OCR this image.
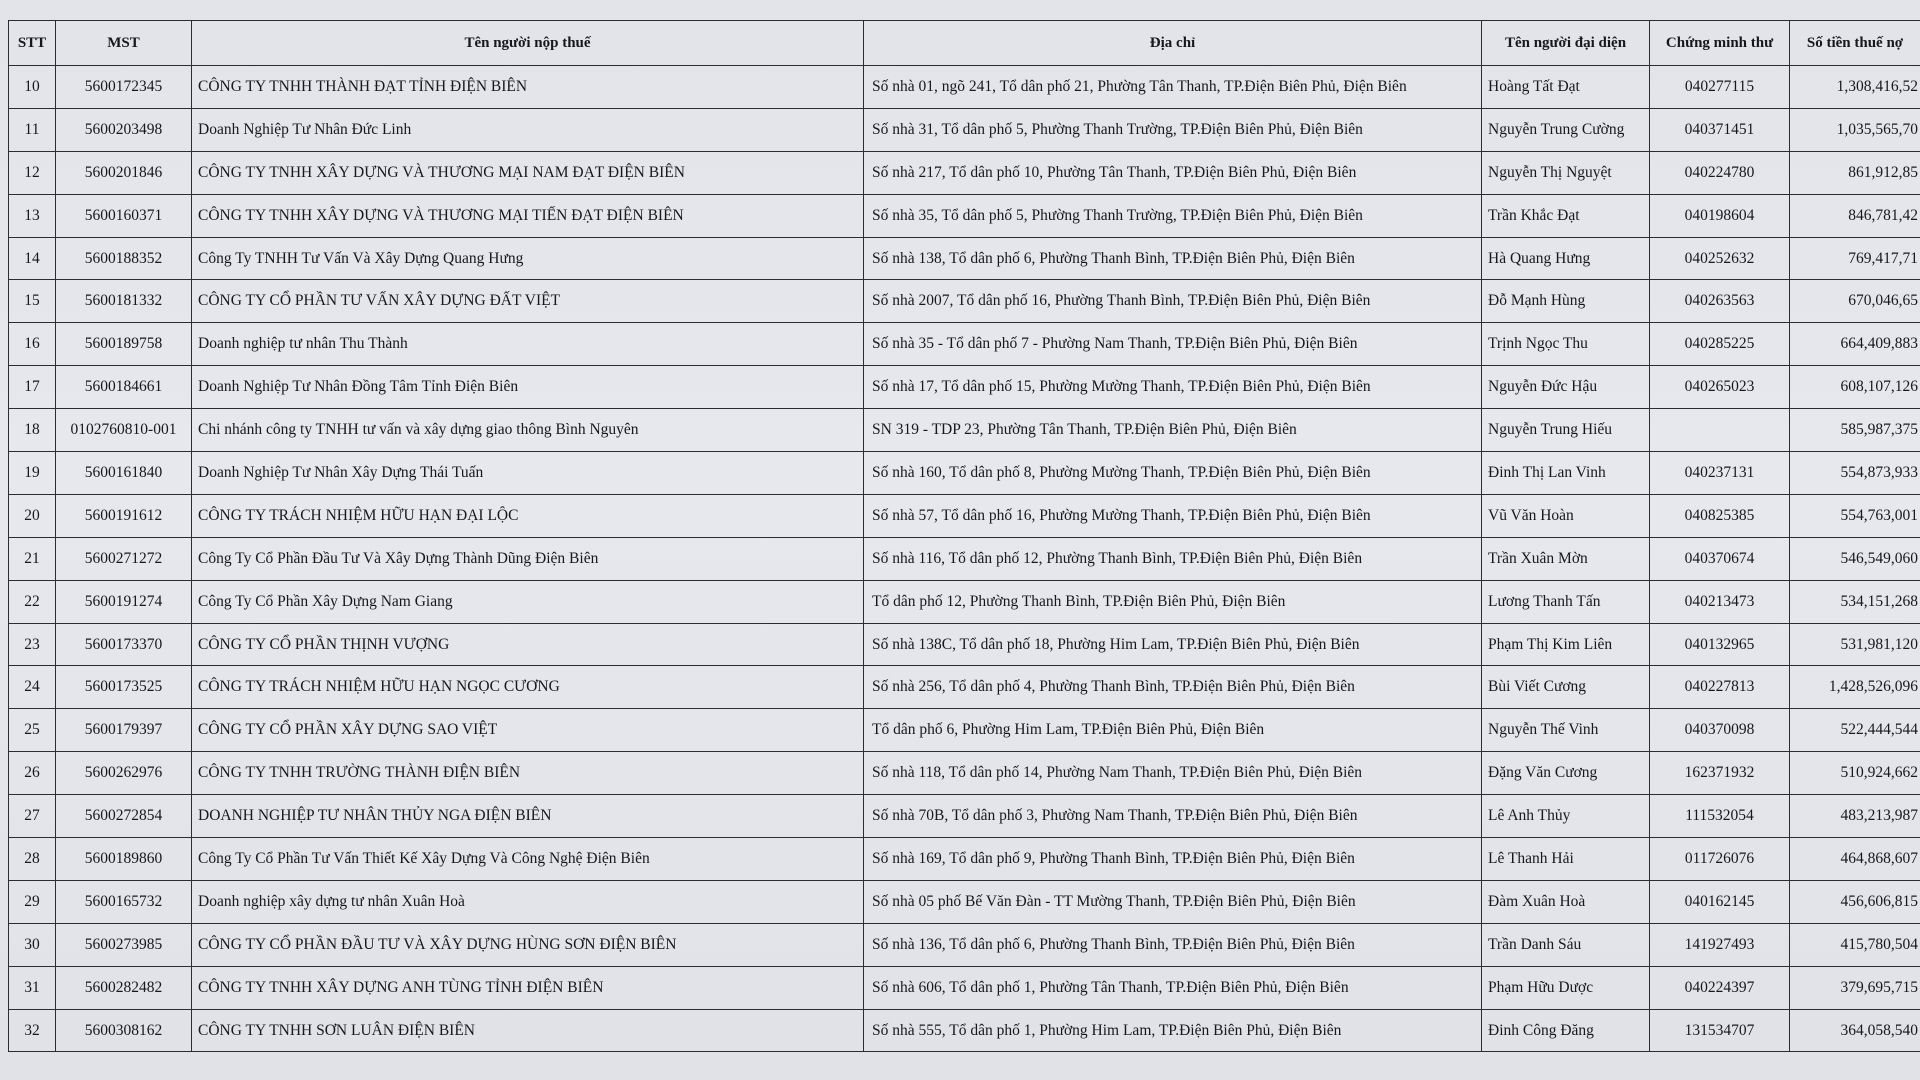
STT	MST	Tên người nộp thuế	Địa chỉ	Tên người đại diện	Chứng minh thư	Số tiền thuế nợ
10	5600172345	CÔNG TY TNHH THÀNH ĐẠT TỈNH ĐIỆN BIÊN	Số nhà 01, ngõ 241, Tổ dân phố 21, Phường Tân Thanh, TP.Điện Biên Phủ, Điện Biên	Hoàng Tất Đạt	040277115	1,308,416,52
11	5600203498	Doanh Nghiệp Tư Nhân Đức Linh	Số nhà 31, Tổ dân phố 5, Phường Thanh Trường, TP.Điện Biên Phủ, Điện Biên	Nguyễn Trung Cường	040371451	1,035,565,70
12	5600201846	CÔNG TY TNHH XÂY DỰNG VÀ THƯƠNG MẠI NAM ĐẠT ĐIỆN BIÊN	Số nhà 217, Tổ dân phố 10, Phường Tân Thanh, TP.Điện Biên Phủ, Điện Biên	Nguyễn Thị Nguyệt	040224780	861,912,85
13	5600160371	CÔNG TY TNHH XÂY DỰNG VÀ THƯƠNG MẠI TIẾN ĐẠT ĐIỆN BIÊN	Số nhà 35, Tổ dân phố 5, Phường Thanh Trường, TP.Điện Biên Phủ, Điện Biên	Trần Khắc Đạt	040198604	846,781,42
14	5600188352	Công Ty TNHH Tư Vấn Và Xây Dựng Quang Hưng	Số nhà 138, Tổ dân phố 6, Phường Thanh Bình, TP.Điện Biên Phủ, Điện Biên	Hà Quang Hưng	040252632	769,417,71
15	5600181332	CÔNG TY CỔ PHẦN TƯ VẤN XÂY DỰNG ĐẤT VIỆT	Số nhà 2007, Tổ dân phố 16, Phường Thanh Bình, TP.Điện Biên Phủ, Điện Biên	Đỗ Mạnh Hùng	040263563	670,046,65
16	5600189758	Doanh nghiệp tư nhân Thu Thành	Số nhà 35 - Tổ dân phố 7 - Phường Nam Thanh, TP.Điện Biên Phủ, Điện Biên	Trịnh Ngọc Thu	040285225	664,409,883
17	5600184661	Doanh Nghiệp Tư Nhân Đồng Tâm Tỉnh Điện Biên	Số nhà 17, Tổ dân phố 15, Phường Mường Thanh, TP.Điện Biên Phủ, Điện Biên	Nguyễn Đức Hậu	040265023	608,107,126
18	0102760810-001	Chi nhánh công ty TNHH tư vấn và xây dựng giao thông Bình Nguyên	SN 319 - TDP 23, Phường Tân Thanh, TP.Điện Biên Phủ, Điện Biên	Nguyễn Trung Hiếu		585,987,375
19	5600161840	Doanh Nghiệp Tư Nhân Xây Dựng Thái Tuấn	Số nhà 160, Tổ dân phố 8, Phường Mường Thanh, TP.Điện Biên Phủ, Điện Biên	Đinh Thị Lan Vinh	040237131	554,873,933
20	5600191612	CÔNG TY TRÁCH NHIỆM HỮU HẠN ĐẠI LỘC	Số nhà 57, Tổ dân phố 16, Phường Mường Thanh, TP.Điện Biên Phủ, Điện Biên	Vũ Văn Hoàn	040825385	554,763,001
21	5600271272	Công Ty Cổ Phần Đầu Tư Và Xây Dựng Thành Dũng Điện Biên	Số nhà 116, Tổ dân phố 12, Phường Thanh Bình, TP.Điện Biên Phủ, Điện Biên	Trần Xuân Mờn	040370674	546,549,060
22	5600191274	Công Ty Cổ Phần Xây Dựng Nam Giang	Tổ dân phố 12, Phường Thanh Bình, TP.Điện Biên Phủ, Điện Biên	Lương Thanh Tấn	040213473	534,151,268
23	5600173370	CÔNG TY CỔ PHẦN THỊNH VƯỢNG	Số nhà 138C, Tổ dân phố 18, Phường Him Lam, TP.Điện Biên Phủ, Điện Biên	Phạm Thị Kim Liên	040132965	531,981,120
24	5600173525	CÔNG TY TRÁCH NHIỆM HỮU HẠN NGỌC CƯƠNG	Số nhà 256, Tổ dân phố 4, Phường Thanh Bình, TP.Điện Biên Phủ, Điện Biên	Bùi Viết Cương	040227813	1,428,526,096
25	5600179397	CÔNG TY CỔ PHẦN XÂY DỰNG SAO VIỆT	Tổ dân phố 6, Phường Him Lam, TP.Điện Biên Phủ, Điện Biên	Nguyễn Thế Vinh	040370098	522,444,544
26	5600262976	CÔNG TY TNHH TRƯỜNG THÀNH ĐIỆN BIÊN	Số nhà 118, Tổ dân phố 14, Phường Nam Thanh, TP.Điện Biên Phủ, Điện Biên	Đặng Văn Cương	162371932	510,924,662
27	5600272854	DOANH NGHIỆP TƯ NHÂN THỦY NGA ĐIỆN BIÊN	Số nhà 70B, Tổ dân phố 3, Phường Nam Thanh, TP.Điện Biên Phủ, Điện Biên	Lê Anh Thủy	111532054	483,213,987
28	5600189860	Công Ty Cổ Phần Tư Vấn Thiết Kế Xây Dựng Và Công Nghệ Điện Biên	Số nhà 169, Tổ dân phố 9, Phường Thanh Bình, TP.Điện Biên Phủ, Điện Biên	Lê Thanh Hải	011726076	464,868,607
29	5600165732	Doanh nghiệp xây dựng tư nhân Xuân Hoà	Số nhà 05 phố Bế Văn Đàn - TT Mường Thanh, TP.Điện Biên Phủ, Điện Biên	Đàm Xuân Hoà	040162145	456,606,815
30	5600273985	CÔNG TY CỔ PHẦN ĐẦU TƯ VÀ XÂY DỰNG HÙNG SƠN ĐIỆN BIÊN	Số nhà 136, Tổ dân phố 6, Phường Thanh Bình, TP.Điện Biên Phủ, Điện Biên	Trần Danh Sáu	141927493	415,780,504
31	5600282482	CÔNG TY TNHH XÂY DỰNG ANH TÙNG TỈNH ĐIỆN BIÊN	Số nhà 606, Tổ dân phố 1, Phường Tân Thanh, TP.Điện Biên Phủ, Điện Biên	Phạm Hữu Dược	040224397	379,695,715
32	5600308162	CÔNG TY TNHH SƠN LUÂN ĐIỆN BIÊN	Số nhà 555, Tổ dân phố 1, Phường Him Lam, TP.Điện Biên Phủ, Điện Biên	Đinh Công Đăng	131534707	364,058,540
